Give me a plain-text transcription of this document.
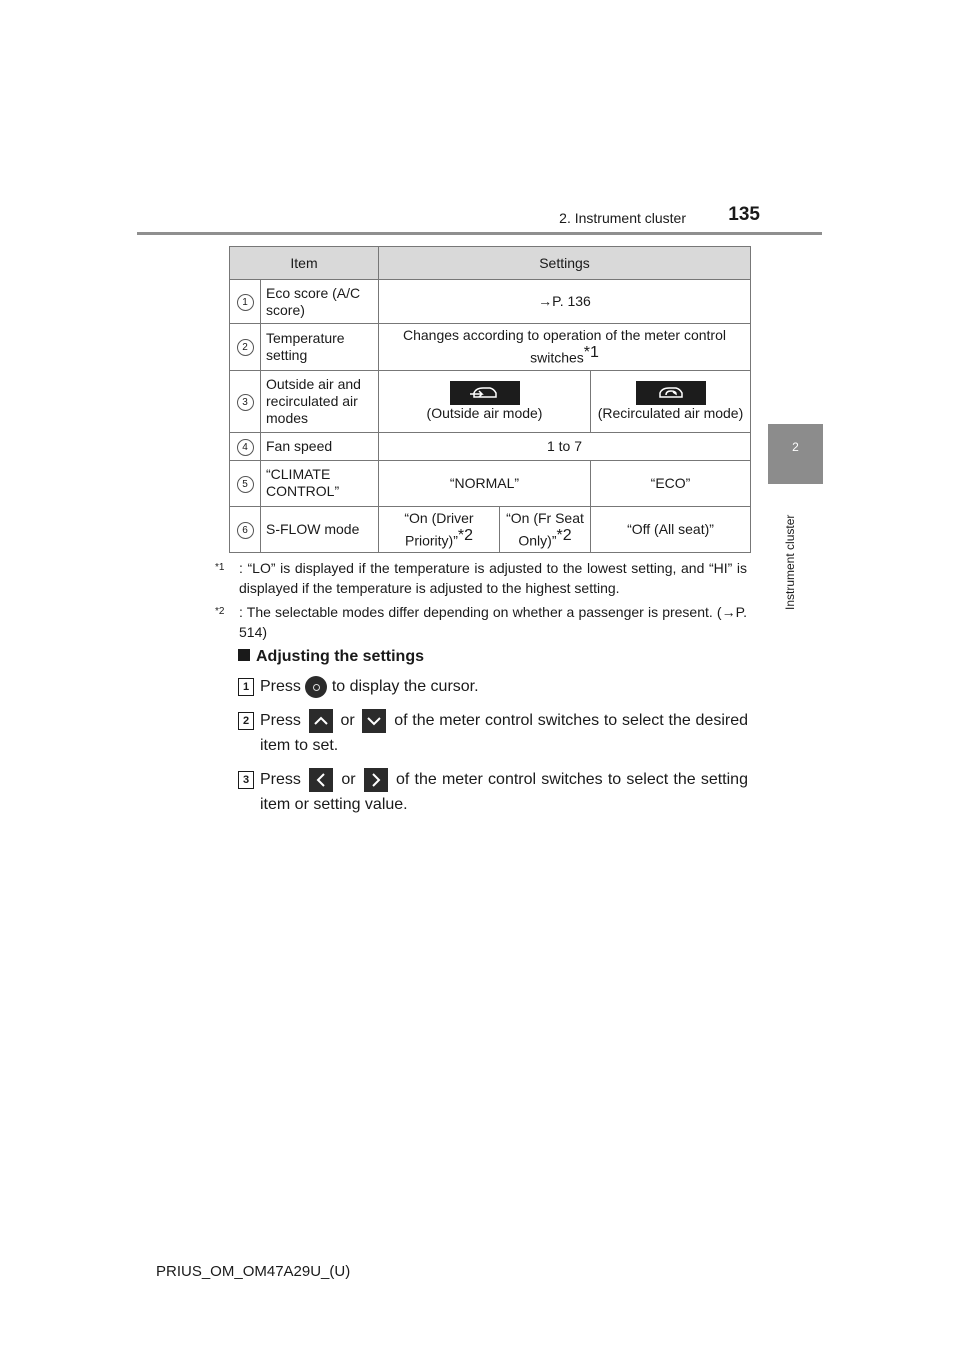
2. Instrument cluster 135
2
Instrument cluster
Item		Settings		
1	Eco score (A/C score)	→P. 136		
2	Temperature setting	Changes according to operation of the meter control switches$^{*1}$
3	Outside air and recirculated air modes	(Outside air mode)		(Recirculated air mode)
4	Fan speed	1 to 7		
5	“CLIMATE CONTROL”	“NORMAL”		“ECO”
6	S-FLOW mode	“On (Driver Priority)”$^{*2}$	“On (Fr Seat Only)”$^{*2}$	“Off (All seat)”
$^{*1}$ : “LO” is displayed if the temperature is adjusted to the lowest setting, and “HI” is displayed if the temperature is adjusted to the highest setting.
$^{*2}$ : The selectable modes differ depending on whether a passenger is present. (→P. 514)
Adjusting the settings
1 Press to display the cursor.
2 Press or of the meter control switches to select the desired item to set.
3 Press	or	of the meter control switches to select the setting item or setting value.
PRIUS_OM_OM47A29U_(U)
